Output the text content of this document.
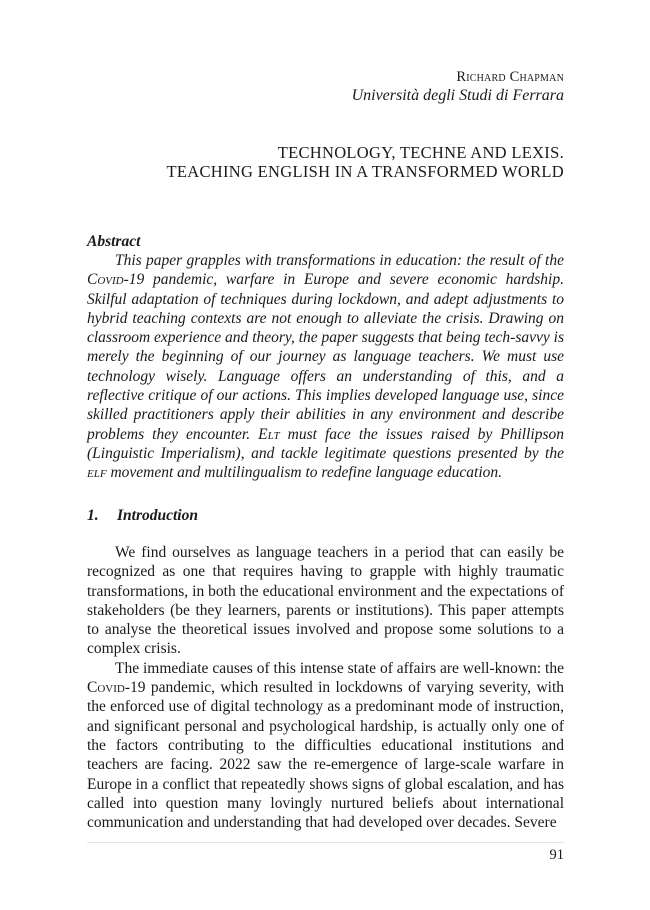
Richard Chapman
Università degli Studi di Ferrara
TECHNOLOGY, TECHNE AND LEXIS.
TEACHING ENGLISH IN A TRANSFORMED WORLD
Abstract

This paper grapples with transformations in education: the result of the Covid-19 pandemic, warfare in Europe and severe economic hardship. Skilful adaptation of techniques during lockdown, and adept adjustments to hybrid teaching contexts are not enough to alleviate the crisis. Drawing on classroom experience and theory, the paper suggests that being tech-savvy is merely the beginning of our journey as language teachers. We must use technology wisely. Language offers an understanding of this, and a reflective critique of our actions. This implies developed language use, since skilled practitioners apply their abilities in any environment and describe problems they encounter. Elt must face the issues raised by Phillipson (Linguistic Imperialism), and tackle legitimate questions presented by the elf movement and multilingualism to redefine language education.

1. Introduction

We find ourselves as language teachers in a period that can easily be recognized as one that requires having to grapple with highly traumatic transformations, in both the educational environment and the expectations of stakeholders (be they learners, parents or institutions). This paper attempts to analyse the theoretical issues involved and propose some solutions to a complex crisis.

The immediate causes of this intense state of affairs are well-known: the Covid-19 pandemic, which resulted in lockdowns of varying severity, with the enforced use of digital technology as a predominant mode of instruction, and significant personal and psychological hardship, is actually only one of the factors contributing to the difficulties educational institutions and teachers are facing. 2022 saw the re-emergence of large-scale warfare in Europe in a conflict that repeatedly shows signs of global escalation, and has called into question many lovingly nurtured beliefs about international communication and understanding that had developed over decades. Severe

91
